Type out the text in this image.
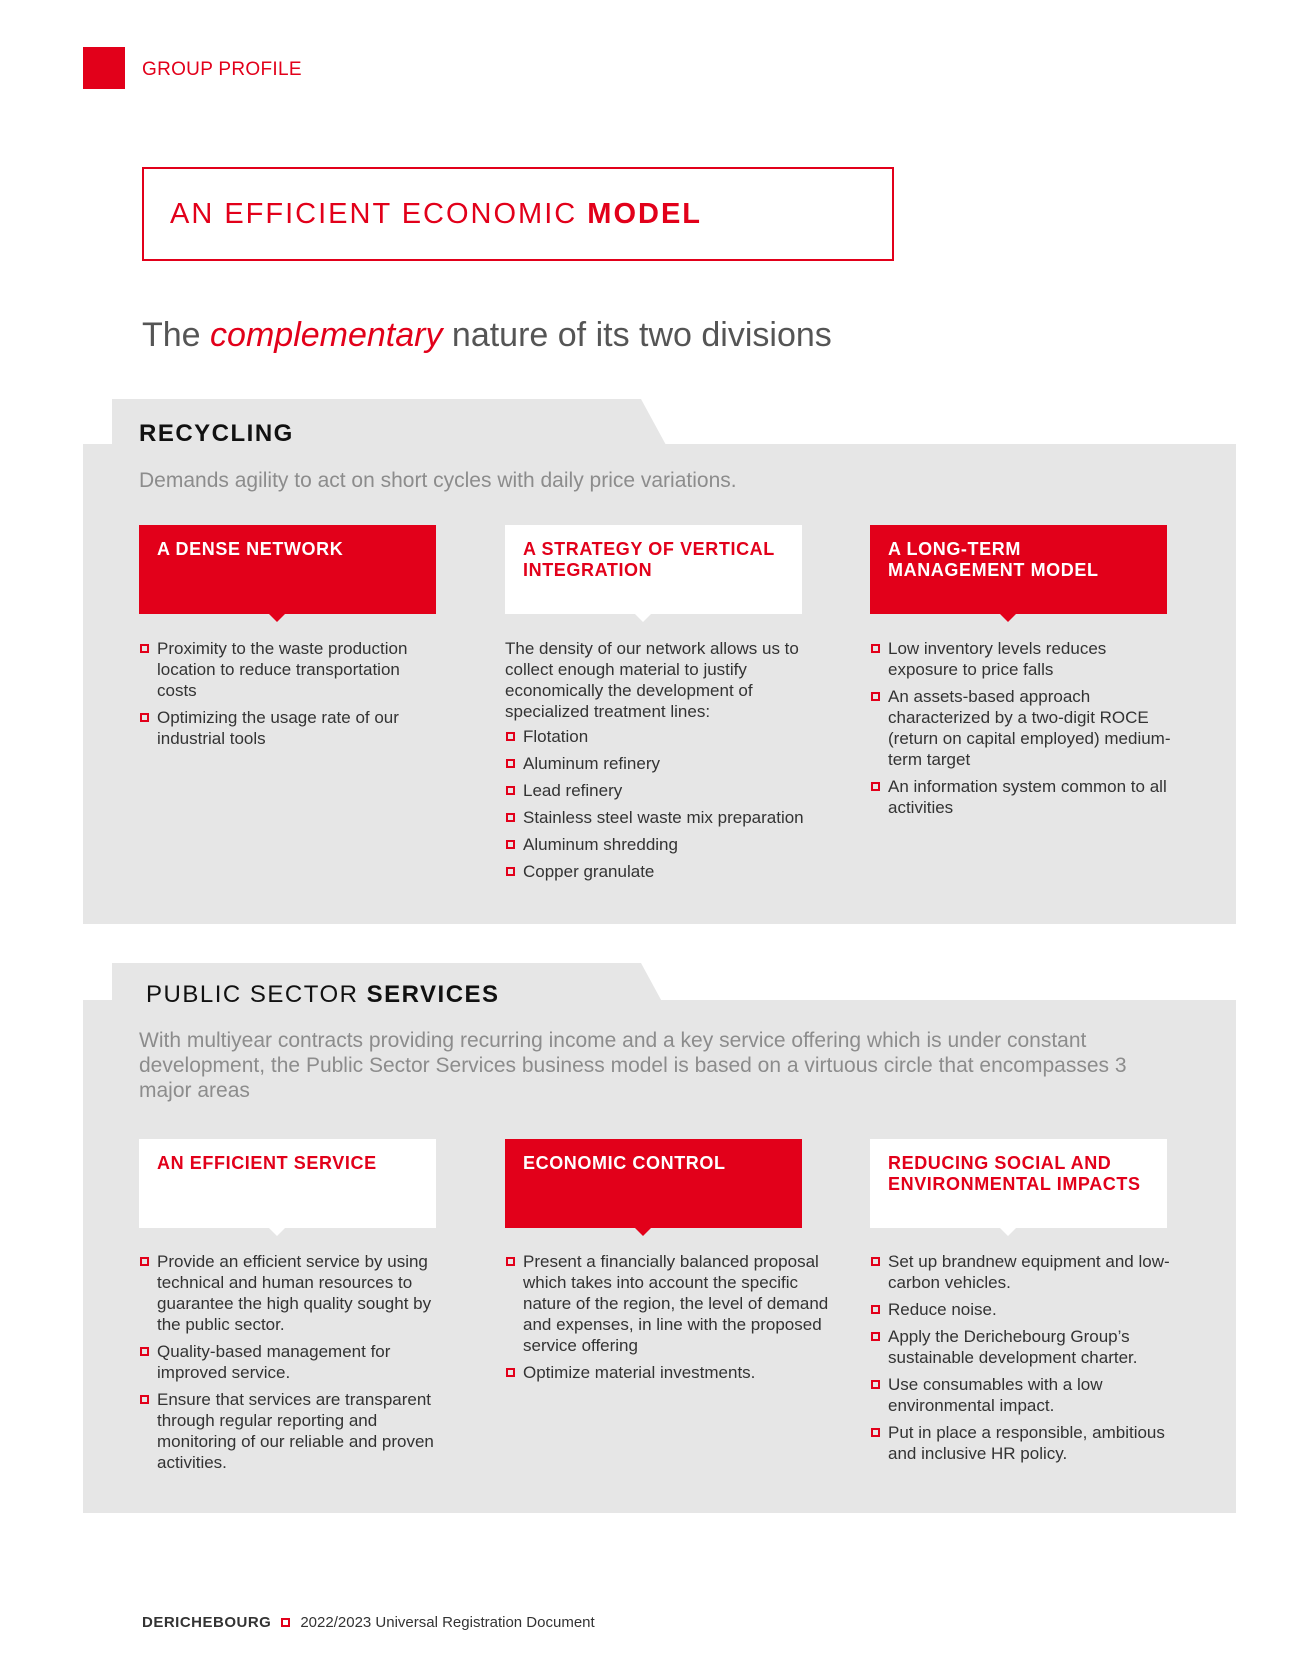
GROUP PROFILE
AN EFFICIENT ECONOMIC MODEL
The complementary nature of its two divisions
RECYCLING
Demands agility to act on short cycles with daily price variations.
A DENSE NETWORK	A STRATEGY OF VERTICAL INTEGRATION
A LONG-TERM MANAGEMENT MODEL
Proximity to the waste production location to reduce transportation costs
Optimizing the usage rate of our industrial tools

The density of our network allows us to collect enough material to justify economically the development of specialized treatment lines:

Flotation
Aluminum refinery
Lead refinery
Stainless steel waste mix preparation
Aluminum shredding
Copper granulate
Low inventory levels reduces exposure to price falls
An assets-based approach characterized by a two-digit ROCE (return on capital employed) medium-term target
An information system common to all activities
PUBLIC SECTOR SERVICES
With multiyear contracts providing recurring income and a key service offering which is under constant development, the Public Sector Services business model is based on a virtuous circle that encompasses 3 major areas
AN EFFICIENT SERVICE	ECONOMIC CONTROL	REDUCING SOCIAL AND ENVIRONMENTAL IMPACTS
Provide an efficient service by using technical and human resources to guarantee the high quality sought by the public sector.
Quality-based management for improved service.
Ensure that services are transparent through regular reporting and monitoring of our reliable and proven activities.
Present a financially balanced proposal which takes into account the specific nature of the region, the level of demand and expenses, in line with the proposed service offering
Optimize material investments.
Set up brandnew equipment and low-carbon vehicles.
Reduce noise.
Apply the Derichebourg Group’s sustainable development charter.
Use consumables with a low environmental impact.
Put in place a responsible, ambitious and inclusive HR policy.
DERICHEBOURG 2022/2023 Universal Registration Document
